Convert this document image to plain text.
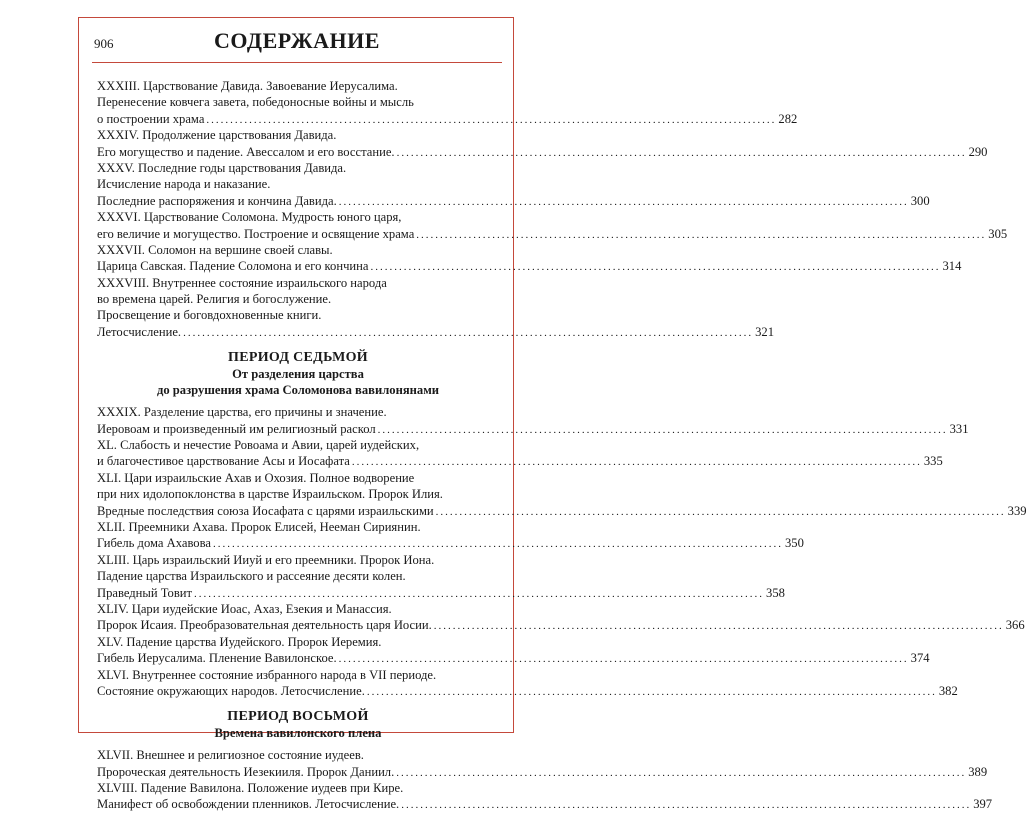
906	СОДЕРЖАНИЕ
XXXIII. Царствование Давида. Завоевание Иерусалима.
Перенесение ковчега завета, победоносные войны и мысль
о построении храма ........................................................................................................................ 282
XXXIV. Продолжение царствования Давида.
Его могущество и падение. Авессалом и его восстание. ........................................................................................................................ 290
XXXV. Последние годы царствования Давида.
Исчисление народа и наказание.
Последние распоряжения и кончина Давида. ........................................................................................................................ 300
XXXVI. Царствование Соломона. Мудрость юного царя,
его величие и могущество. Построение и освящение храма ........................................................................................................................ 305
XXXVII. Соломон на вершине своей славы.
Царица Савская. Падение Соломона и его кончина ........................................................................................................................ 314
XXXVIII. Внутреннее состояние израильского народа
во времена царей. Религия и богослужение.
Просвещение и боговдохновенные книги.
Летосчисление. ........................................................................................................................ 321
ПЕРИОД СЕДЬМОЙ
От разделения царства
до разрушения храма Соломонова вавилонянами
XXXIX. Разделение царства, его причины и значение.
Иеровоам и произведенный им религиозный раскол ........................................................................................................................ 331
XL. Слабость и нечестие Ровоама и Авии, царей иудейских,
и благочестивое царствование Асы и Иосафата ........................................................................................................................ 335
XLI. Цари израильские Ахав и Охозия. Полное водворение
при них идолопоклонства в царстве Израильском. Пророк Илия.
Вредные последствия союза Иосафата с царями израильскими ........................................................................................................................ 339
XLII. Преемники Ахава. Пророк Елисей, Нееман Сириянин.
Гибель дома Ахавова ........................................................................................................................ 350
XLIII. Царь израильский Ииуй и его преемники. Пророк Иона.
Падение царства Израильского и рассеяние десяти колен.
Праведный Товит ........................................................................................................................ 358
XLIV. Цари иудейские Иоас, Ахаз, Езекия и Манассия.
Пророк Исаия. Преобразовательная деятельность царя Иосии. ........................................................................................................................ 366
XLV. Падение царства Иудейского. Пророк Иеремия.
Гибель Иерусалима. Пленение Вавилонское. ........................................................................................................................ 374
XLVI. Внутреннее состояние избранного народа в VII периоде.
Состояние окружающих народов. Летосчисление. ........................................................................................................................ 382
ПЕРИОД ВОСЬМОЙ
Времена вавилонского плена
XLVII. Внешнее и религиозное состояние иудеев.
Пророческая деятельность Иезекииля. Пророк Даниил. ........................................................................................................................ 389
XLVIII. Падение Вавилона. Положение иудеев при Кире.
Манифест об освобождении пленников. Летосчисление. ........................................................................................................................ 397
